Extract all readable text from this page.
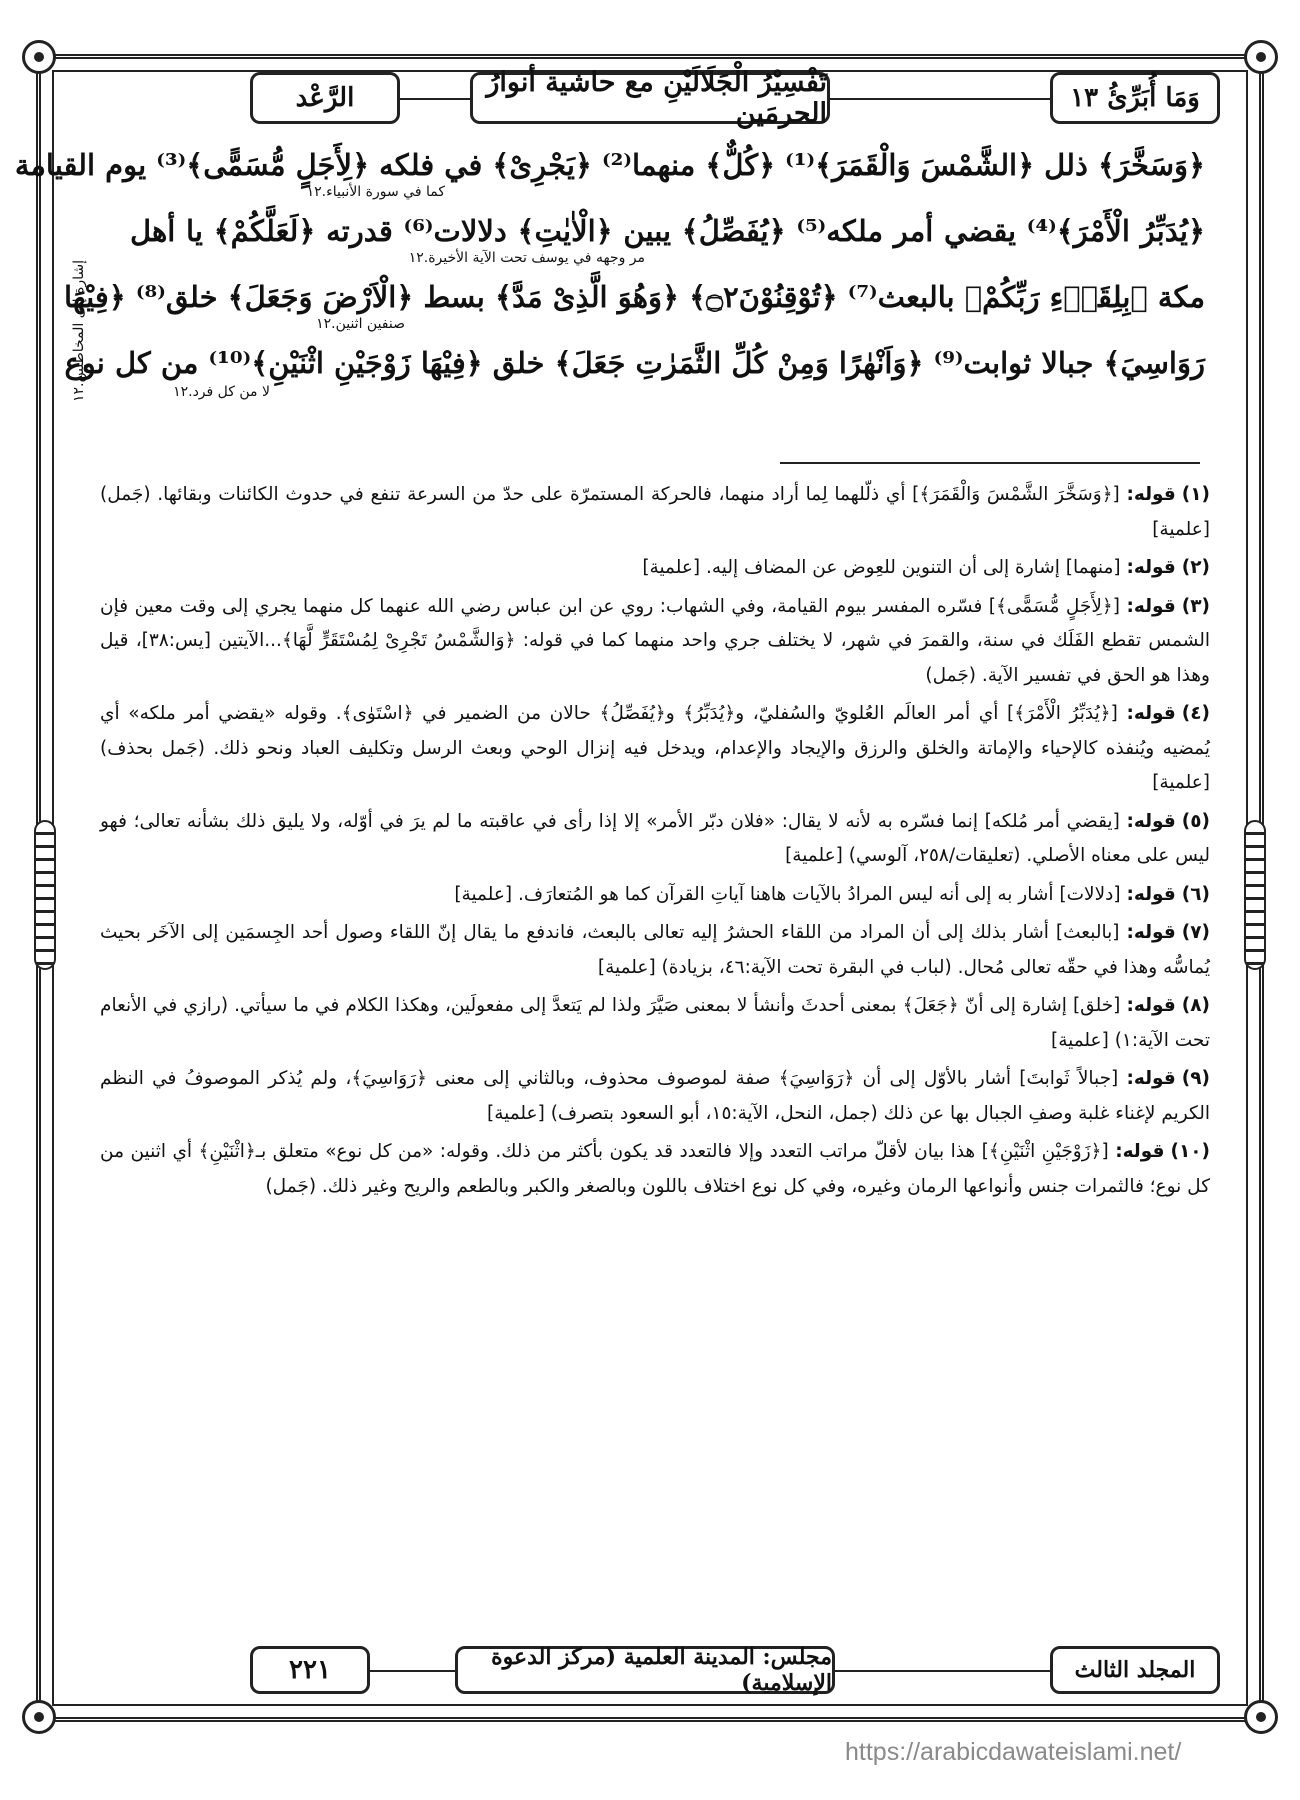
وَمَا أُبَرِّئُ ١٣
تَفْسِيْرُ الْجَلَالَيْنِ مع حاشية أنوارُ الحرمَين
الرَّعْد
﴿وَسَخَّرَ﴾ ذلل ﴿الشَّمْسَ وَالْقَمَرَ﴾⁽¹⁾ ﴿كُلٌّ﴾ منهما⁽²⁾ ﴿يَجْرِىْ﴾ في فلكه ﴿لِأَجَلٍ مُّسَمًّى﴾⁽³⁾ يوم القيامة
كما في سورة الأنبياء.١٢
﴿يُدَبِّرُ الْأَمْرَ﴾⁽⁴⁾ يقضي أمر ملكه⁽⁵⁾ ﴿يُفَصِّلُ﴾ يبين ﴿الْاٰيٰتِ﴾ دلالات⁽⁶⁾ قدرته ﴿لَعَلَّكُمْ﴾ يا أهل
مر وجهه في يوسف تحت الآية الأخيرة.١٢
مكة ﴿بِلِقَاۗءِ رَبِّكُمْ﴾ بالبعث⁽⁷⁾ ﴿تُوْقِنُوْنَ۝۲﴾ ﴿وَهُوَ الَّذِىْ مَدَّ﴾ بسط ﴿الْاَرْضَ وَجَعَلَ﴾ خلق⁽⁸⁾ ﴿فِيْهَا
صنفين اثنين.١٢
رَوَاسِيَ﴾ جبالا ثوابت⁽⁹⁾ ﴿وَاَنْهٰرًا وَمِنْ كُلِّ الثَّمَرٰتِ جَعَلَ﴾ خلق ﴿فِيْهَا زَوْجَيْنِ اثْنَيْنِ﴾⁽¹⁰⁾ من كل نوع
لا من كل فرد.١٢
إشارة إلى المخاطبين.١٢
(١)قوله: [﴿وَسَخَّرَ الشَّمْسَ وَالْقَمَرَ﴾] أي ذلّلهما لِما أراد منهما، فالحركة المستمرّة على حدّ من السرعة تنفع في حدوث الكائنات وبقائها. (جَمل) [علمية]
(٢)قوله: [منهما] إشارة إلى أن التنوين للعِوض عن المضاف إليه. [علمية]
(٣)قوله: [﴿لِأَجَلٍ مُّسَمًّى﴾] فسّره المفسر بيوم القيامة، وفي الشهاب: روي عن ابن عباس رضي الله عنهما كل منهما يجري إلى وقت معين فإن الشمس تقطع الفَلَك في سنة، والقمرَ في شهر، لا يختلف جري واحد منهما كما في قوله: ﴿وَالشَّمْسُ تَجْرِىْ لِمُسْتَقَرٍّ لَّهَا﴾...الآيتين [يس:٣٨]، قيل وهذا هو الحق في تفسير الآية. (جَمل)
(٤)قوله: [﴿يُدَبِّرُ الْأَمْرَ﴾] أي أمر العالَم العُلويّ والسُفليّ، و﴿يُدَبِّرُ﴾ و﴿يُفَصِّلُ﴾ حالان من الضمير في ﴿اسْتَوٰى﴾. وقوله «يقضي أمر ملكه» أي يُمضيه ويُنفذه كالإحياء والإماتة والخلق والرزق والإيجاد والإعدام، ويدخل فيه إنزال الوحي وبعث الرسل وتكليف العباد ونحو ذلك. (جَمل بحذف) [علمية]
(٥)قوله: [يقضي أمر مُلكه] إنما فسّره به لأنه لا يقال: «فلان دبّر الأمر» إلا إذا رأى في عاقبته ما لم يرَ في أوّله، ولا يليق ذلك بشأنه تعالى؛ فهو ليس على معناه الأصلي. (تعليقات/٢٥٨، آلوسي) [علمية]
(٦)قوله: [دلالات] أشار به إلى أنه ليس المرادُ بالآيات هاهنا آياتِ القرآن كما هو المُتعارَف. [علمية]
(٧)قوله: [بالبعث] أشار بذلك إلى أن المراد من اللقاء الحشرُ إليه تعالى بالبعث، فاندفع ما يقال إنّ اللقاء وصول أحد الجِسمَين إلى الآخَر بحيث يُماسُّه وهذا في حقّه تعالى مُحال. (لباب في البقرة تحت الآية:٤٦، بزيادة) [علمية]
(٨)قوله: [خلق] إشارة إلى أنّ ﴿جَعَلَ﴾ بمعنى أحدثَ وأنشأ لا بمعنى صَيَّرَ ولذا لم يَتعدَّ إلى مفعولَين، وهكذا الكلام في ما سيأتي. (رازي في الأنعام تحت الآية:١) [علمية]
(٩)قوله: [جبالاً ثَوابتَ] أشار بالأوّل إلى أن ﴿رَوَاسِيَ﴾ صفة لموصوف محذوف، وبالثاني إلى معنى ﴿رَوَاسِيَ﴾، ولم يُذكر الموصوفُ في النظم الكريم لإغناء غلبة وصفِ الجبال بها عن ذلك (جمل، النحل، الآية:١٥، أبو السعود بتصرف) [علمية]
(١٠)قوله: [﴿زَوْجَيْنِ اثْنَيْنِ﴾] هذا بيان لأقلّ مراتب التعدد وإلا فالتعدد قد يكون بأكثر من ذلك. وقوله: «من كل نوع» متعلق بـ﴿اثْنَيْنِ﴾ أي اثنين من كل نوع؛ فالثمرات جنس وأنواعها الرمان وغيره، وفي كل نوع اختلاف باللون وبالصغر والكبر وبالطعم والريح وغير ذلك. (جَمل)
المجلد الثالث
مجلس: المدينة العلمية (مركز الدعوة الإسلامية)
٢٢١
https://arabicdawateislami.net/
